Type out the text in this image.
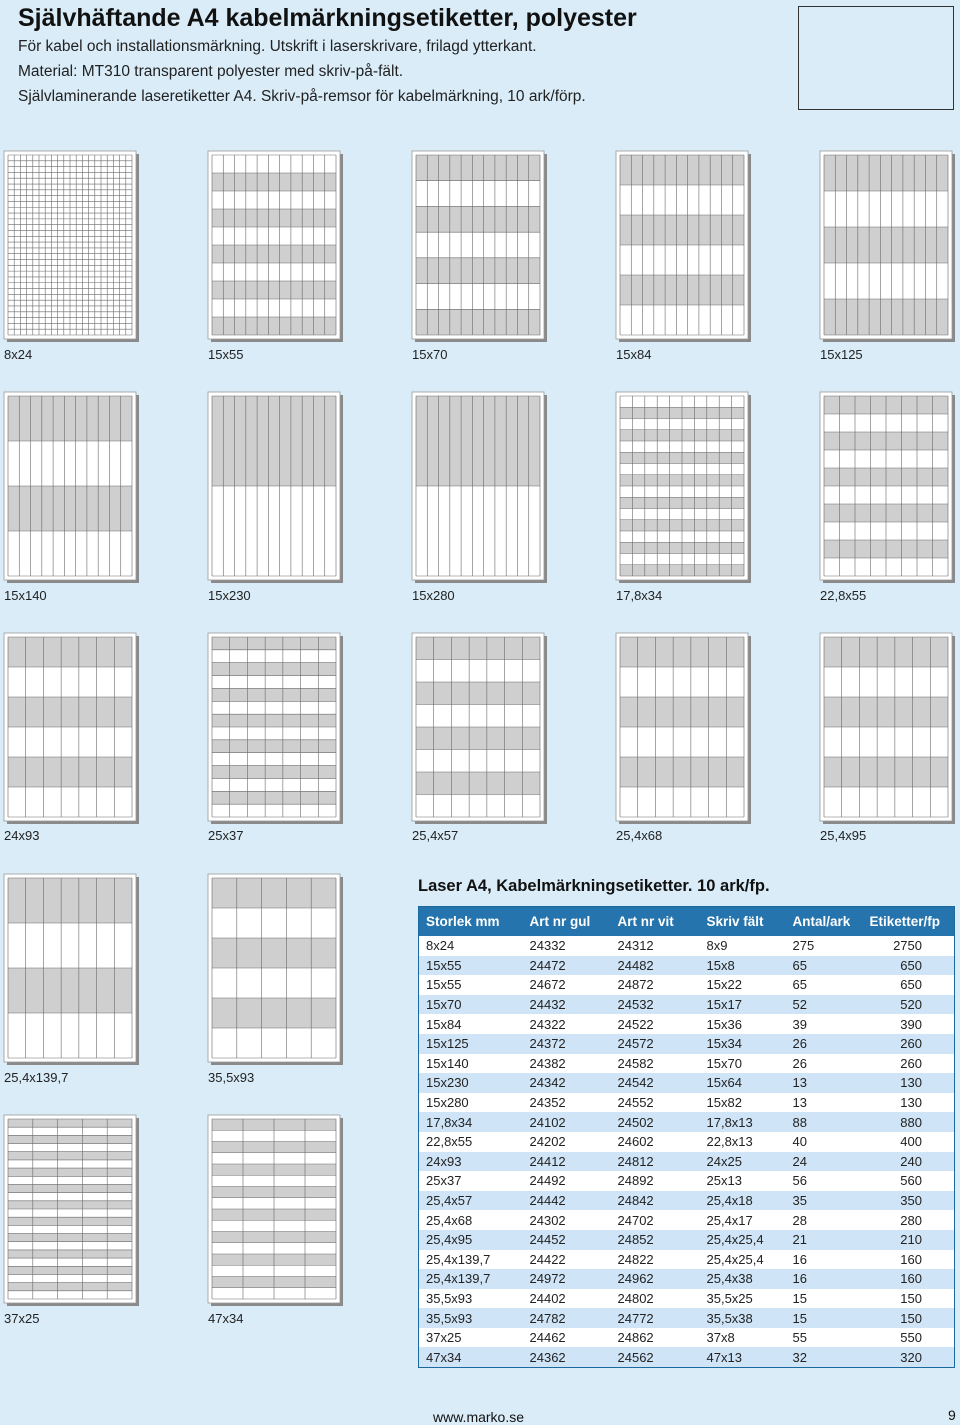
Självhäftande A4 kabelmärkningsetiketter, polyester
För kabel och installationsmärkning. Utskrift i laserskrivare, frilagd ytterkant.
Material: MT310 transparent polyester med skriv-på-fält.
Självlaminerande laseretiketter A4. Skriv-på-remsor för kabelmärkning, 10 ark/förp.
8x24	15x55	15x70	15x84	15x125
15x140	15x230	15x280	17,8x34	22,8x55
24x93	25x37	25,4x57	25,4x68	25,4x95
25,4x139,7	35,5x93
37x25	47x34
Laser A4, Kabelmärkningsetiketter. 10 ark/fp.
Storlek mm	Art nr gul	Art nr vit	Skriv fält	Antal/ark	Etiketter/fp
8x24	24332	24312	8x9	275	2750
15x55	24472	24482	15x8	65	650
15x55	24672	24872	15x22	65	650
15x70	24432	24532	15x17	52	520
15x84	24322	24522	15x36	39	390
15x125	24372	24572	15x34	26	260
15x140	24382	24582	15x70	26	260
15x230	24342	24542	15x64	13	130
15x280	24352	24552	15x82	13	130
17,8x34	24102	24502	17,8x13	88	880
22,8x55	24202	24602	22,8x13	40	400
24x93	24412	24812	24x25	24	240
25x37	24492	24892	25x13	56	560
25,4x57	24442	24842	25,4x18	35	350
25,4x68	24302	24702	25,4x17	28	280
25,4x95	24452	24852	25,4x25,4	21	210
25,4x139,7	24422	24822	25,4x25,4	16	160
25,4x139,7	24972	24962	25,4x38	16	160
35,5x93	24402	24802	35,5x25	15	150
35,5x93	24782	24772	35,5x38	15	150
37x25	24462	24862	37x8	55	550
47x34	24362	24562	47x13	32	320
www.marko.se	9
